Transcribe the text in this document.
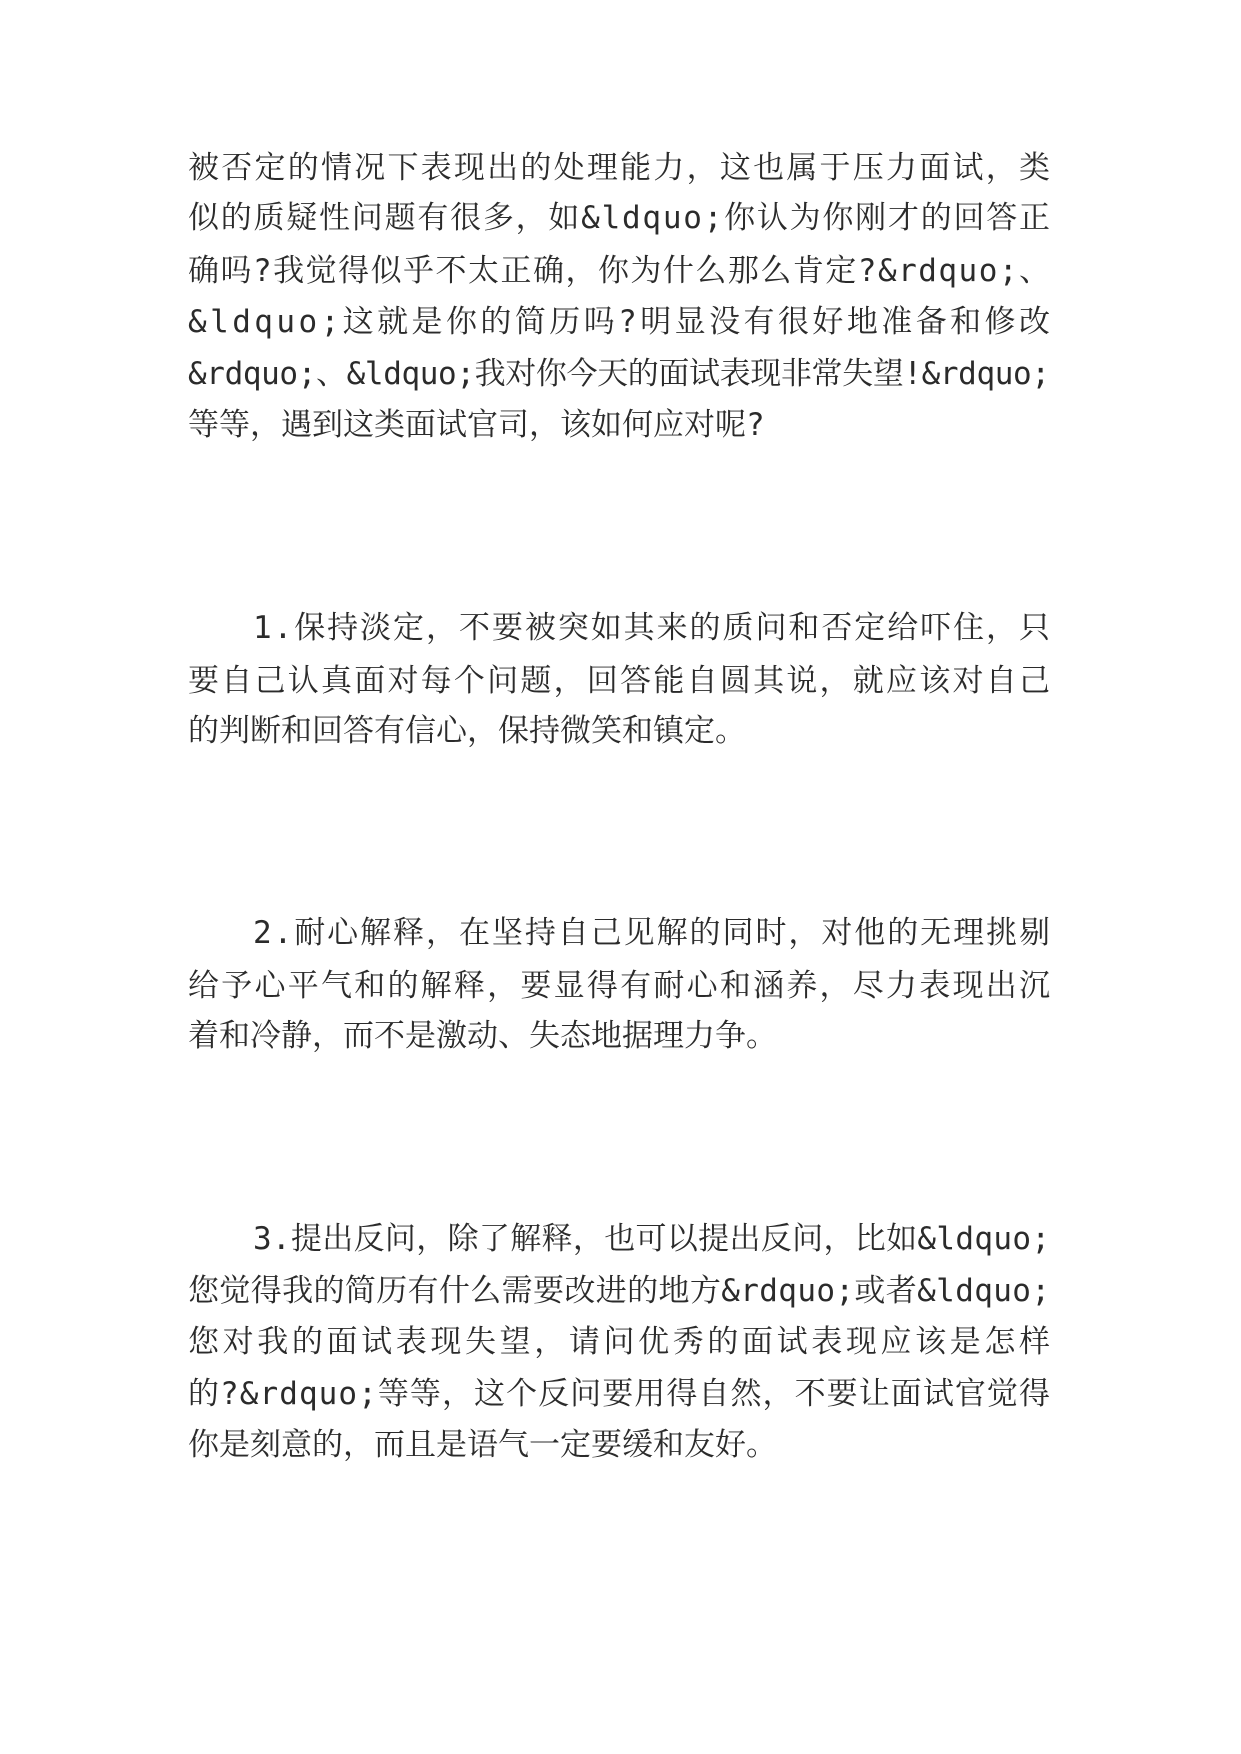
被否定的情况下表现出的处理能力，这也属于压力面试，类
似的质疑性问题有很多，如&ldquo;你认为你刚才的回答正
确吗?我觉得似乎不太正确，你为什么那么肯定?&rdquo;、
&ldquo;这就是你的简历吗?明显没有很好地准备和修改
&rdquo;、&ldquo;我对你今天的面试表现非常失望!&rdquo;
等等，遇到这类面试官司，该如何应对呢?
1.保持淡定，不要被突如其来的质问和否定给吓住，只
要自己认真面对每个问题，回答能自圆其说，就应该对自己
的判断和回答有信心，保持微笑和镇定。
2.耐心解释，在坚持自己见解的同时，对他的无理挑剔
给予心平气和的解释，要显得有耐心和涵养，尽力表现出沉
着和冷静，而不是激动、失态地据理力争。
3.提出反问，除了解释，也可以提出反问，比如&ldquo;
您觉得我的简历有什么需要改进的地方&rdquo;或者&ldquo;
您对我的面试表现失望，请问优秀的面试表现应该是怎样
的?&rdquo;等等，这个反问要用得自然，不要让面试官觉得
你是刻意的，而且是语气一定要缓和友好。
